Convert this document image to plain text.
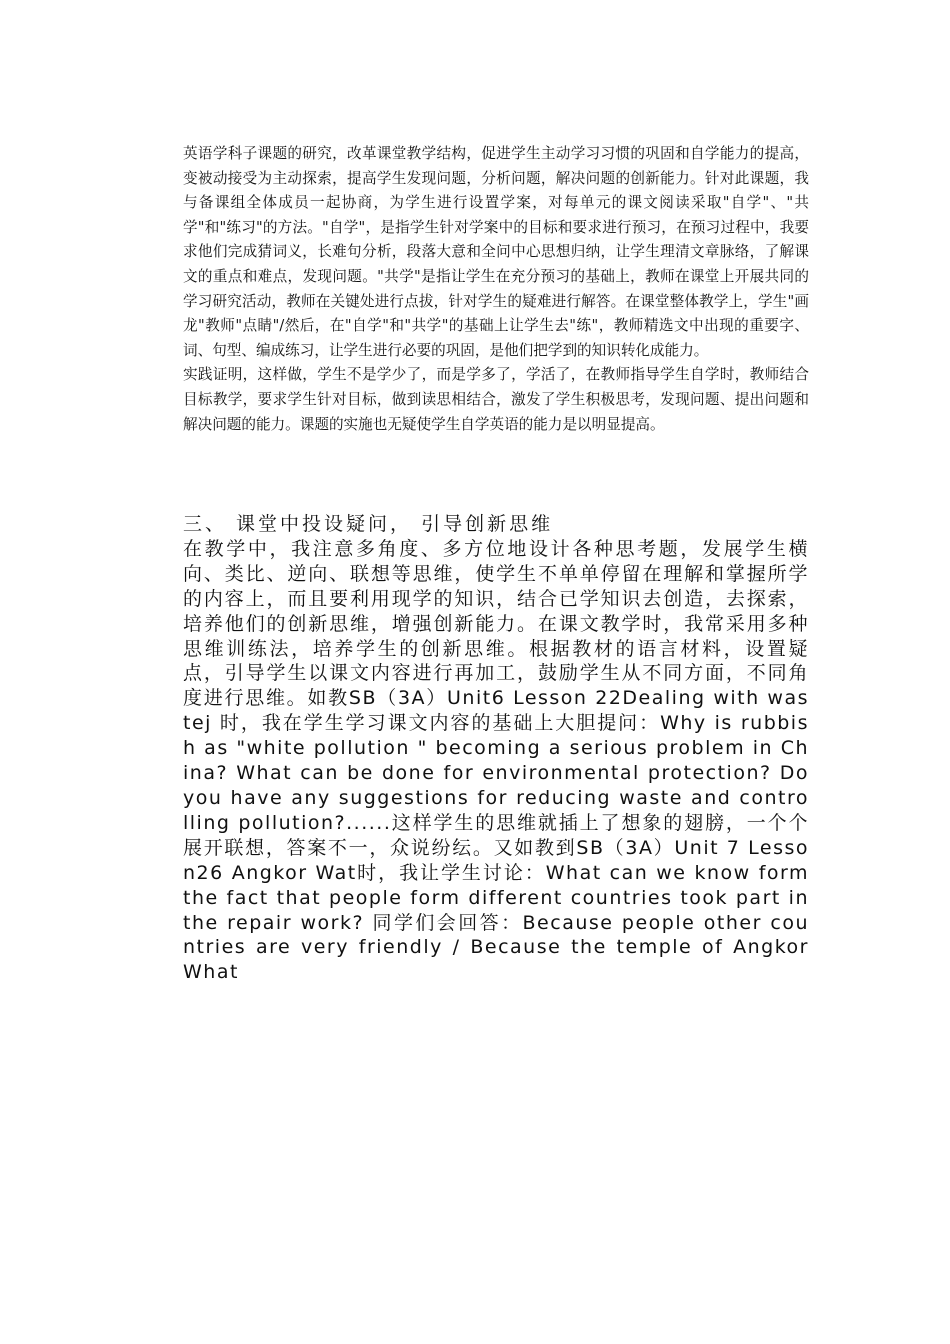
英语学科子课题的研究，改革课堂教学结构，促进学生主动学习习惯的巩固和自学能力的提高，变被动接受为主动探索，提高学生发现问题，分析问题，解决问题的创新能力。针对此课题，我与备课组全体成员一起协商，为学生进行设置学案，对每单元的课文阅读采取"自学"、"共学"和"练习"的方法。"自学"，是指学生针对学案中的目标和要求进行预习，在预习过程中，我要求他们完成猜词义，长难句分析，段落大意和全问中心思想归纳，让学生理清文章脉络，了解课文的重点和难点，发现问题。"共学"是指让学生在充分预习的基础上，教师在课堂上开展共同的学习研究活动，教师在关键处进行点拔，针对学生的疑难进行解答。在课堂整体教学上，学生"画龙"教师"点睛"/然后，在"自学"和"共学"的基础上让学生去"练"，教师精选文中出现的重要字、词、句型、编成练习，让学生进行必要的巩固，是他们把学到的知识转化成能力。

实践证明，这样做，学生不是学少了，而是学多了，学活了，在教师指导学生自学时，教师结合目标教学，要求学生针对目标，做到读思相结合，激发了学生积极思考，发现问题、提出问题和解决问题的能力。课题的实施也无疑使学生自学英语的能力是以明显提高。

三、 课堂中投设疑问， 引导创新思维

在教学中，我注意多角度、多方位地设计各种思考题，发展学生横向、类比、逆向、联想等思维，使学生不单单停留在理解和掌握所学的内容上，而且要利用现学的知识，结合已学知识去创造，去探索，培养他们的创新思维，增强创新能力。在课文教学时，我常采用多种思维训练法，培养学生的创新思维。根据教材的语言材料，设置疑点，引导学生以课文内容进行再加工，鼓励学生从不同方面，不同角度进行思维。如教SB（3A）Unit6 Lesson 22Dealing with wastej 时，我在学生学习课文内容的基础上大胆提问：Why is rubbish as "white pollution " becoming a serious problem in China? What can be done for environmental protection? Do you have any suggestions for reducing waste and controlling pollution?......这样学生的思维就插上了想象的翅膀，一个个展开联想，答案不一，众说纷纭。又如教到SB（3A）Unit 7 Lesson26 Angkor Wat时，我让学生讨论：What can we know form the fact that people form different countries took part in the repair work? 同学们会回答：Because people other countries are very friendly / Because the temple of Angkor What
